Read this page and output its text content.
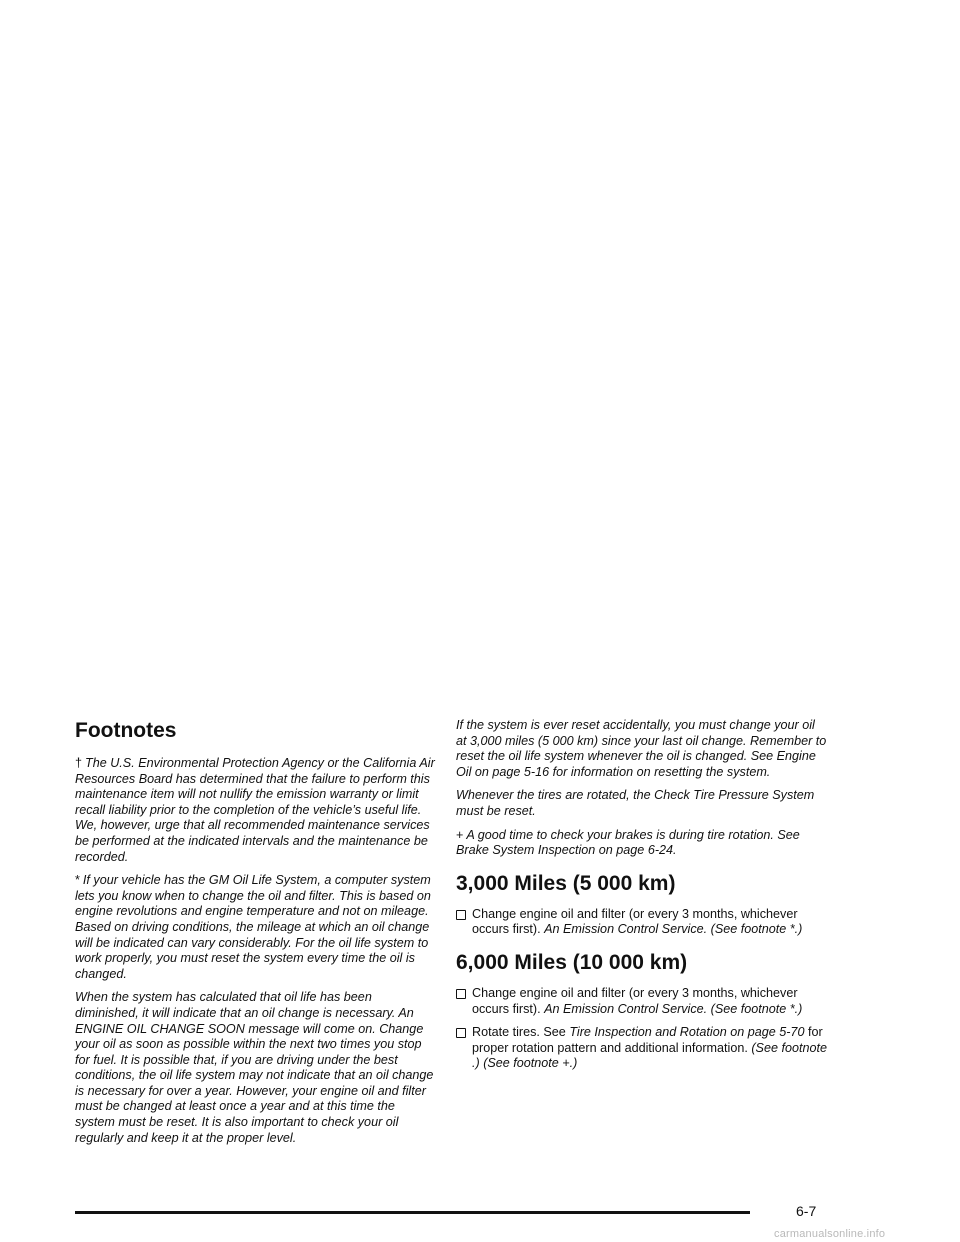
Footnotes

† The U.S. Environmental Protection Agency or the California Air Resources Board has determined that the failure to perform this maintenance item will not nullify the emission warranty or limit recall liability prior to the completion of the vehicle’s useful life. We, however, urge that all recommended maintenance services be performed at the indicated intervals and the maintenance be recorded.

* If your vehicle has the GM Oil Life System, a computer system lets you know when to change the oil and filter. This is based on engine revolutions and engine temperature and not on mileage. Based on driving conditions, the mileage at which an oil change will be indicated can vary considerably. For the oil life system to work properly, you must reset the system every time the oil is changed.

When the system has calculated that oil life has been diminished, it will indicate that an oil change is necessary. An ENGINE OIL CHANGE SOON message will come on. Change your oil as soon as possible within the next two times you stop for fuel. It is possible that, if you are driving under the best conditions, the oil life system may not indicate that an oil change is necessary for over a year. However, your engine oil and filter must be changed at least once a year and at this time the system must be reset. It is also important to check your oil regularly and keep it at the proper level.

If the system is ever reset accidentally, you must change your oil at 3,000 miles (5 000 km) since your last oil change. Remember to reset the oil life system whenever the oil is changed. See Engine Oil on page 5-16 for information on resetting the system.

Whenever the tires are rotated, the Check Tire Pressure System must be reset.

+ A good time to check your brakes is during tire rotation. See Brake System Inspection on page 6-24.

3,000 Miles (5 000 km)
Change engine oil and filter (or every 3 months, whichever occurs first). An Emission Control Service. (See footnote *.)
6,000 Miles (10 000 km)
Change engine oil and filter (or every 3 months, whichever occurs first). An Emission Control Service. (See footnote *.)
Rotate tires. See Tire Inspection and Rotation on page 5-70 for proper rotation pattern and additional information. (See footnote .) (See footnote +.)
6-7
carmanualsonline.info
